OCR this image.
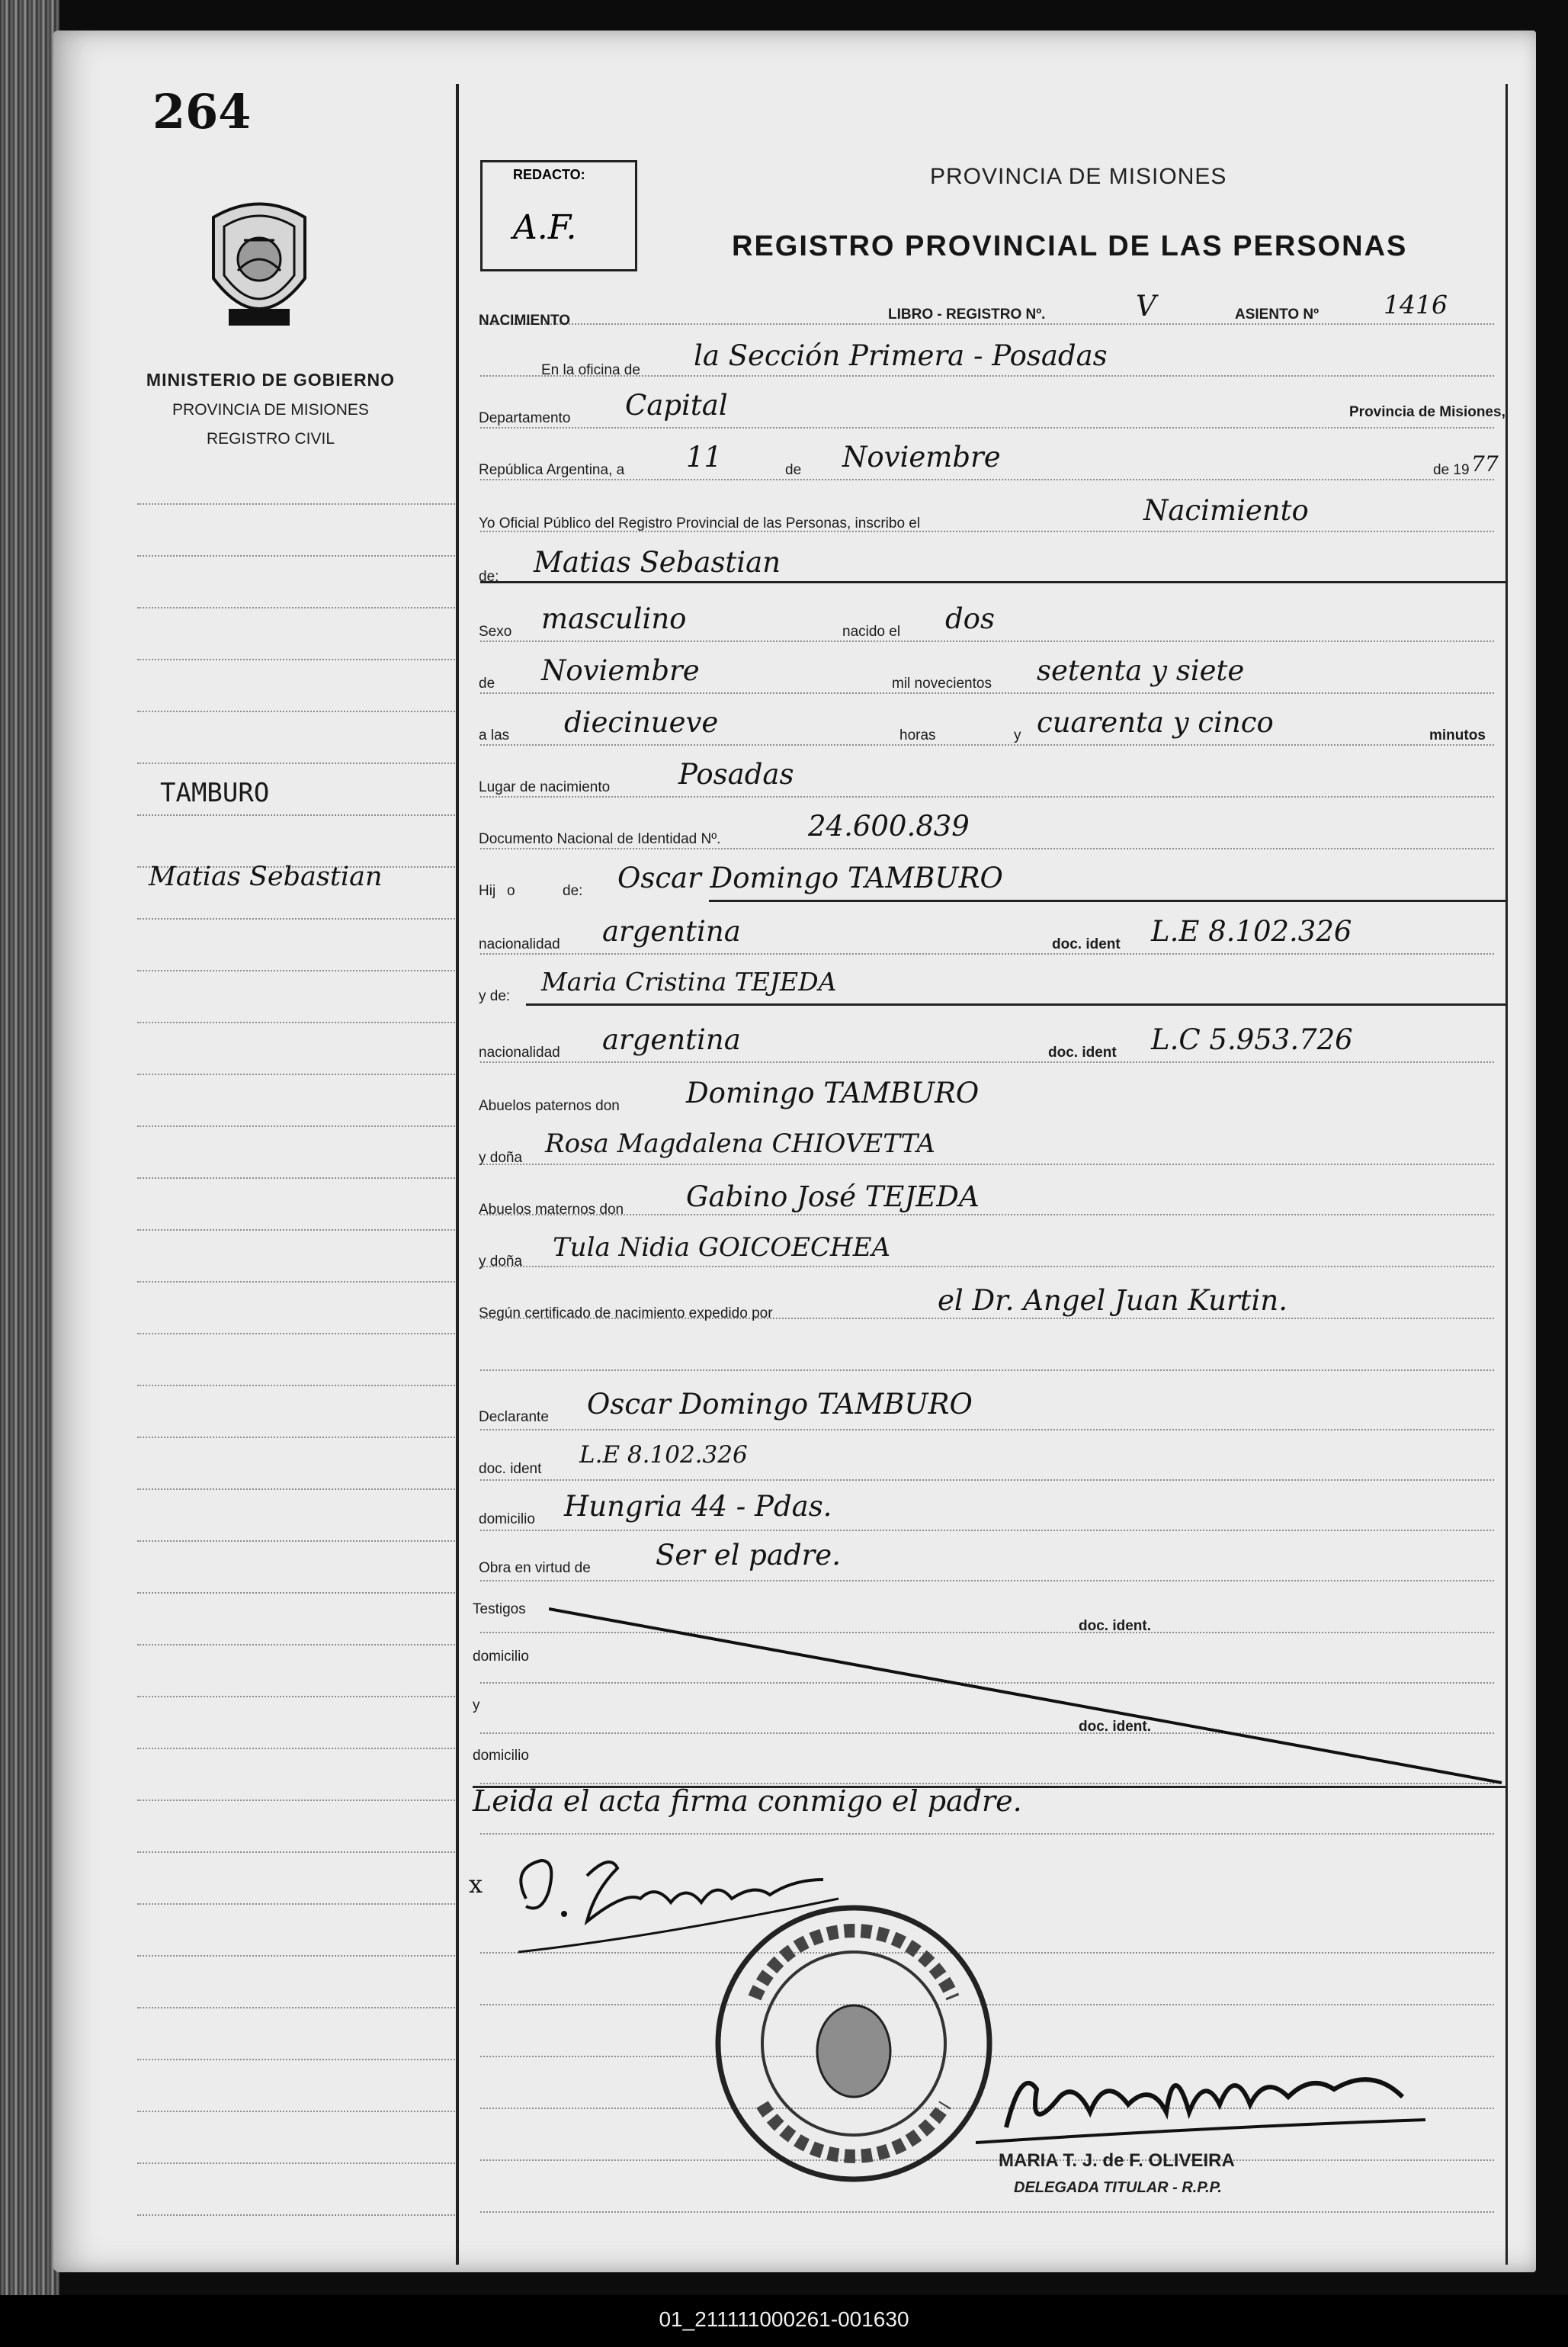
264
MINISTERIO DE GOBIERNO
PROVINCIA DE MISIONES
REGISTRO CIVIL
TAMBURO
Matias Sebastian
REDACTO:
A.F.
PROVINCIA DE MISIONES
REGISTRO PROVINCIAL DE LAS PERSONAS
NACIMIENTO	LIBRO - REGISTRO Nº.	V	ASIENTO Nº	1416
En la oficina de la Sección Primera - Posadas
Departamento Capital	Provincia de Misiones,
República Argentina, a 11	de Noviembre	de 19 77
Yo Oficial Público del Registro Provincial de las Personas, inscribo el	Nacimiento
de: Matias Sebastian
Sexo masculino	nacido el dos
de Noviembre	mil novecientos setenta y siete
a las diecinueve	horas	y cuarenta y cinco	minutos
Lugar de nacimiento Posadas
Documento Nacional de Identidad Nº.	24.600.839
Hij o	de: Oscar Domingo TAMBURO
nacionalidad argentina	doc. ident L.E 8.102.326
y de: Maria Cristina TEJEDA
nacionalidad argentina	doc. ident L.C 5.953.726
Abuelos paternos don Domingo TAMBURO
y doña Rosa Magdalena CHIOVETTA
Abuelos maternos don Gabino José TEJEDA
y doña Tula Nidia GOICOECHEA
Según certificado de nacimiento expedido por	el Dr. Angel Juan Kurtin.
Declarante Oscar Domingo TAMBURO
doc. ident
L.E 8.102.326
domicilio Hungria 44 - Pdas.
Obra en virtud de Ser el padre.
Testigos
doc. ident.
domicilio
y
doc. ident.
domicilio
Leida el acta firma conmigo el padre.
x
MARIA T. J. de F. OLIVEIRA
DELEGADA TITULAR - R.P.P.
01_211111000261-001630
